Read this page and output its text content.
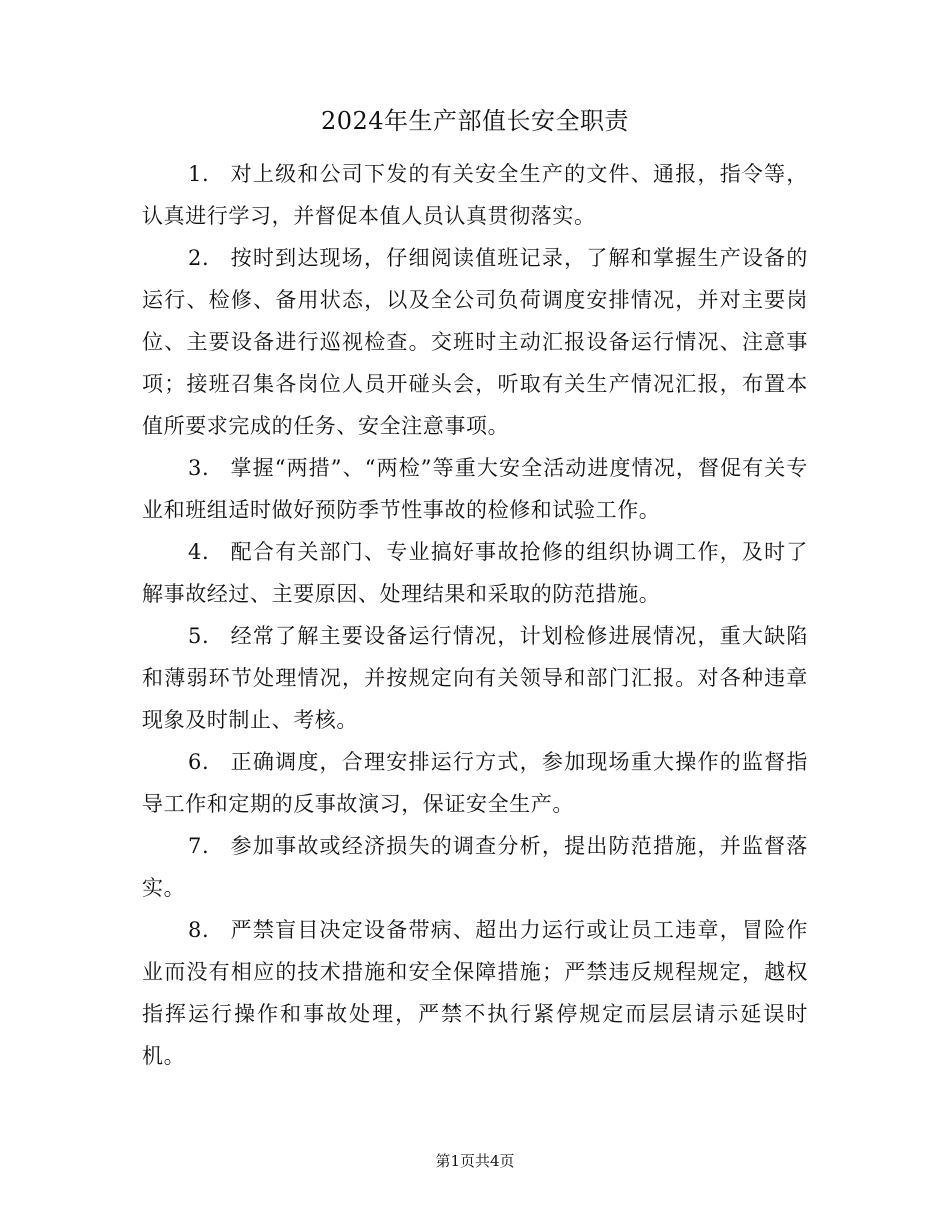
2024年生产部值长安全职责

1. 对上级和公司下发的有关安全生产的文件、通报，指令等，认真进行学习，并督促本值人员认真贯彻落实。

2. 按时到达现场，仔细阅读值班记录，了解和掌握生产设备的运行、检修、备用状态，以及全公司负荷调度安排情况，并对主要岗位、主要设备进行巡视检查。交班时主动汇报设备运行情况、注意事项；接班召集各岗位人员开碰头会，听取有关生产情况汇报，布置本值所要求完成的任务、安全注意事项。

3. 掌握“两措”、“两检”等重大安全活动进度情况，督促有关专业和班组适时做好预防季节性事故的检修和试验工作。

4. 配合有关部门、专业搞好事故抢修的组织协调工作，及时了解事故经过、主要原因、处理结果和采取的防范措施。

5. 经常了解主要设备运行情况，计划检修进展情况，重大缺陷和薄弱环节处理情况，并按规定向有关领导和部门汇报。对各种违章现象及时制止、考核。

6. 正确调度，合理安排运行方式，参加现场重大操作的监督指导工作和定期的反事故演习，保证安全生产。

7. 参加事故或经济损失的调查分析，提出防范措施，并监督落实。

8. 严禁盲目决定设备带病、超出力运行或让员工违章，冒险作业而没有相应的技术措施和安全保障措施；严禁违反规程规定，越权指挥运行操作和事故处理，严禁不执行紧停规定而层层请示延误时机。

第1页共4页
